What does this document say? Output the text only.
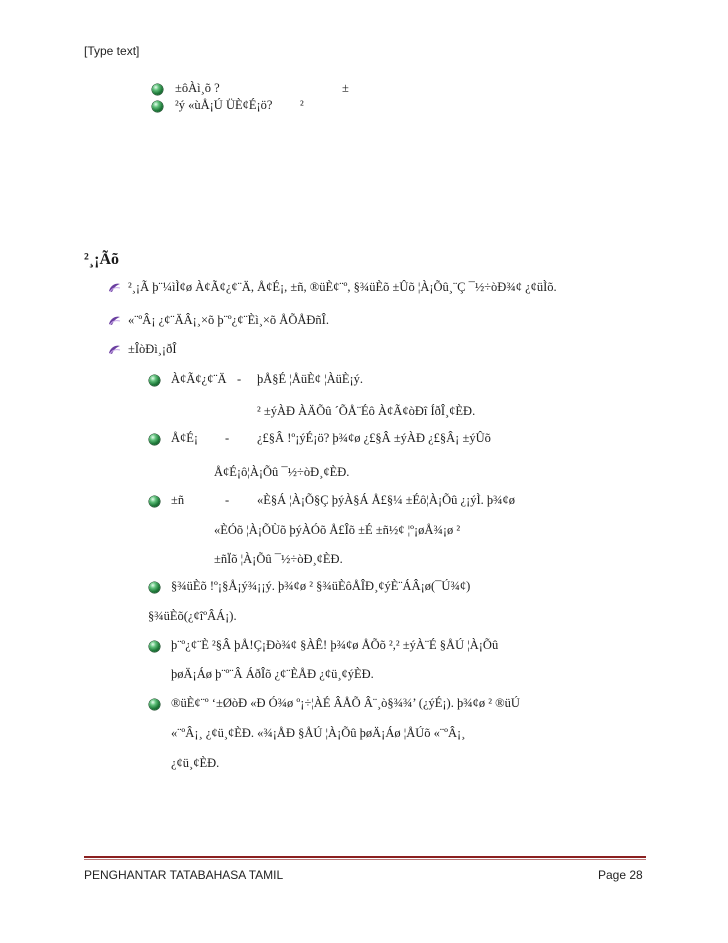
[Type text]
±ôÀì¸õ ?	±
²ý «ùÅ¡Ú ÜÈ¢É¡ö? ²
²¸¡Ãõ
²¸¡Ã þ¨¼ìÌ¢ø À¢Ã¢¿¢¨Ä, Å¢É¡, ±ñ, ®üÈ¢¨º, §¾üÈõ ±Ûõ ¦À¡Õû¸¨Ç ¯½÷òÐ¾¢ ¿¢üÌõ.
«¨ºÂ¡ ¿¢¨ÄÂ¡¸×õ þ¨º¿¢¨Èì¸×õ ÅÕÅÐñÎ.
±ÎòÐì¸¡ðÎ
À¢Ã¢¿¢¨Ä - þÅ§É ¦ÅüÈ¢ ¦ÀüÈ¡ý.
² ±ýÀÐ ÀÄÕû ´ÕÅ¨Éô À¢Ã¢òÐî ÍðÎ¸¢ÈÐ.
Å¢É¡ - ¿£§Â !º¡ýÉ¡ö? þ¾¢ø ¿£§Â ±ýÀÐ ¿£§Â¡ ±ýÛõ
Å¢É¡ô¦À¡Õû ¯½÷òÐ¸¢ÈÐ.
±ñ	- «È§Á ¦À¡Õ§Ç þýÀ§Á Å£§¼ ±Éô¦À¡Õû ¿¡ýÌ. þ¾¢ø
«ÈÓõ ¦À¡ÕÙõ þýÀÓõ Å£Îõ ±É ±ñ½¢ ¦º¡øÅ¾¡ø ²
±ñÏõ ¦À¡Õû ¯½÷òÐ¸¢ÈÐ.
§¾üÈõ !º¡§Å¡ý¾¡¡ý. þ¾¢ø ² §¾üÈôÅÎÐ¸¢ýÈ¨ÁÂ¡ø(¯Ú¾¢)
§¾üÈõ(¿¢îºÂÁ¡).
þ¨º¿¢¨È ²§Â þÅ!Ç¡Ðò¾¢ §ÀÊ! þ¾¢ø ÅÕõ ²,² ±ýÀ¨É §ÅÚ ¦À¡Õû
þøÄ¡Áø þ¨º¨Â ÁðÎõ ¿¢¨ÈÅÐ ¿¢ü¸¢ýÈÐ.
®üÈ¢¨º ‘±ØòÐ «Ð Ó¾ø º¡÷¦ÀÉ ÂÅÕ Â¨¸ò§¾¾’ (¿ýÉ¡). þ¾¢ø ² ®üÚ
«¨ºÂ¡¸ ¿¢ü¸¢ÈÐ. «¾¡ÅÐ §ÅÚ ¦À¡Õû þøÄ¡Áø ¦ÅÚõ «¨ºÂ¡¸
¿¢ü¸¢ÈÐ.
PENGHANTAR TATABAHASA TAMIL	Page 28
